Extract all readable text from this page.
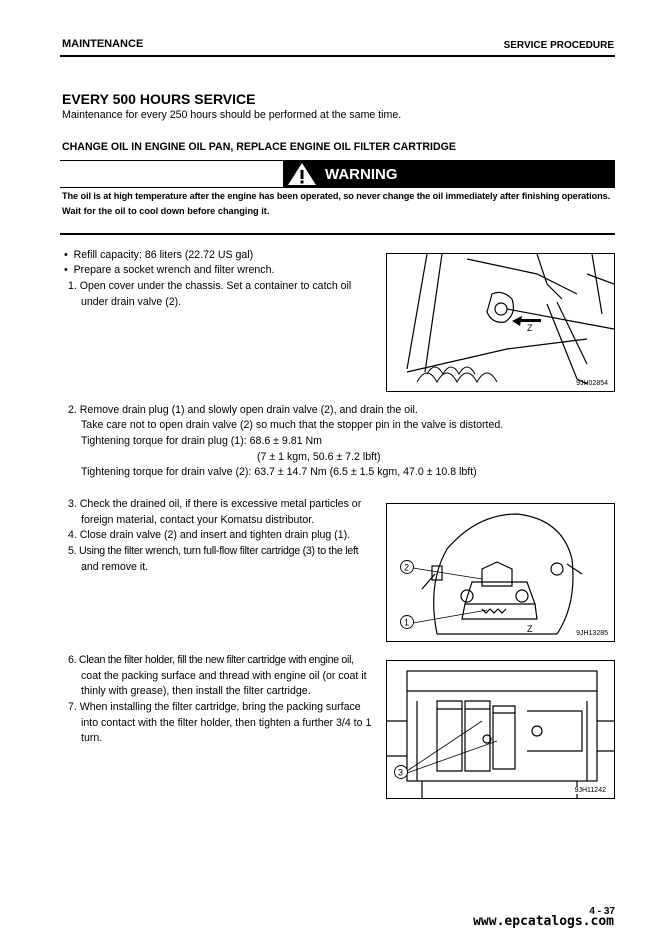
MAINTENANCE	SERVICE PROCEDURE
EVERY 500 HOURS SERVICE
Maintenance for every 250 hours should be performed at the same time.
CHANGE OIL IN ENGINE OIL PAN, REPLACE ENGINE OIL FILTER CARTRIDGE
WARNING
The oil is at high temperature after the engine has been operated, so never change the oil immediately after finishing operations.
Wait for the oil to cool down before changing it.
•  Refill capacity: 86 liters (22.72 US gal)
•  Prepare a socket wrench and filter wrench.
1. Open cover under the chassis. Set a container to catch oil
under drain valve (2).
Z
9JH02854
2. Remove drain plug (1) and slowly open drain valve (2), and drain the oil.
Take care not to open drain valve (2) so much that the stopper pin in the valve is distorted.
Tightening torque for drain plug (1): 68.6 ± 9.81 Nm
(7 ± 1 kgm, 50.6 ± 7.2 lbft)
Tightening torque for drain valve (2): 63.7 ± 14.7 Nm (6.5 ± 1.5 kgm, 47.0 ± 10.8 lbft)
3. Check the drained oil, if there is excessive metal particles or
foreign material, contact your Komatsu distributor.
4. Close drain valve (2) and insert and tighten drain plug (1).
5. Using the filter wrench, turn full-flow filter cartridge (3) to the left
and remove it.	2
1
Z	9JH13285
6. Clean the filter holder, fill the new filter cartridge with engine oil,
coat the packing surface and thread with engine oil (or coat it
thinly with grease), then install the filter cartridge.
7. When installing the filter cartridge, bring the packing surface
into contact with the filter holder, then tighten a further 3/4 to 1
turn.
3
9JH11242
4 - 37
www.epcatalogs.com
